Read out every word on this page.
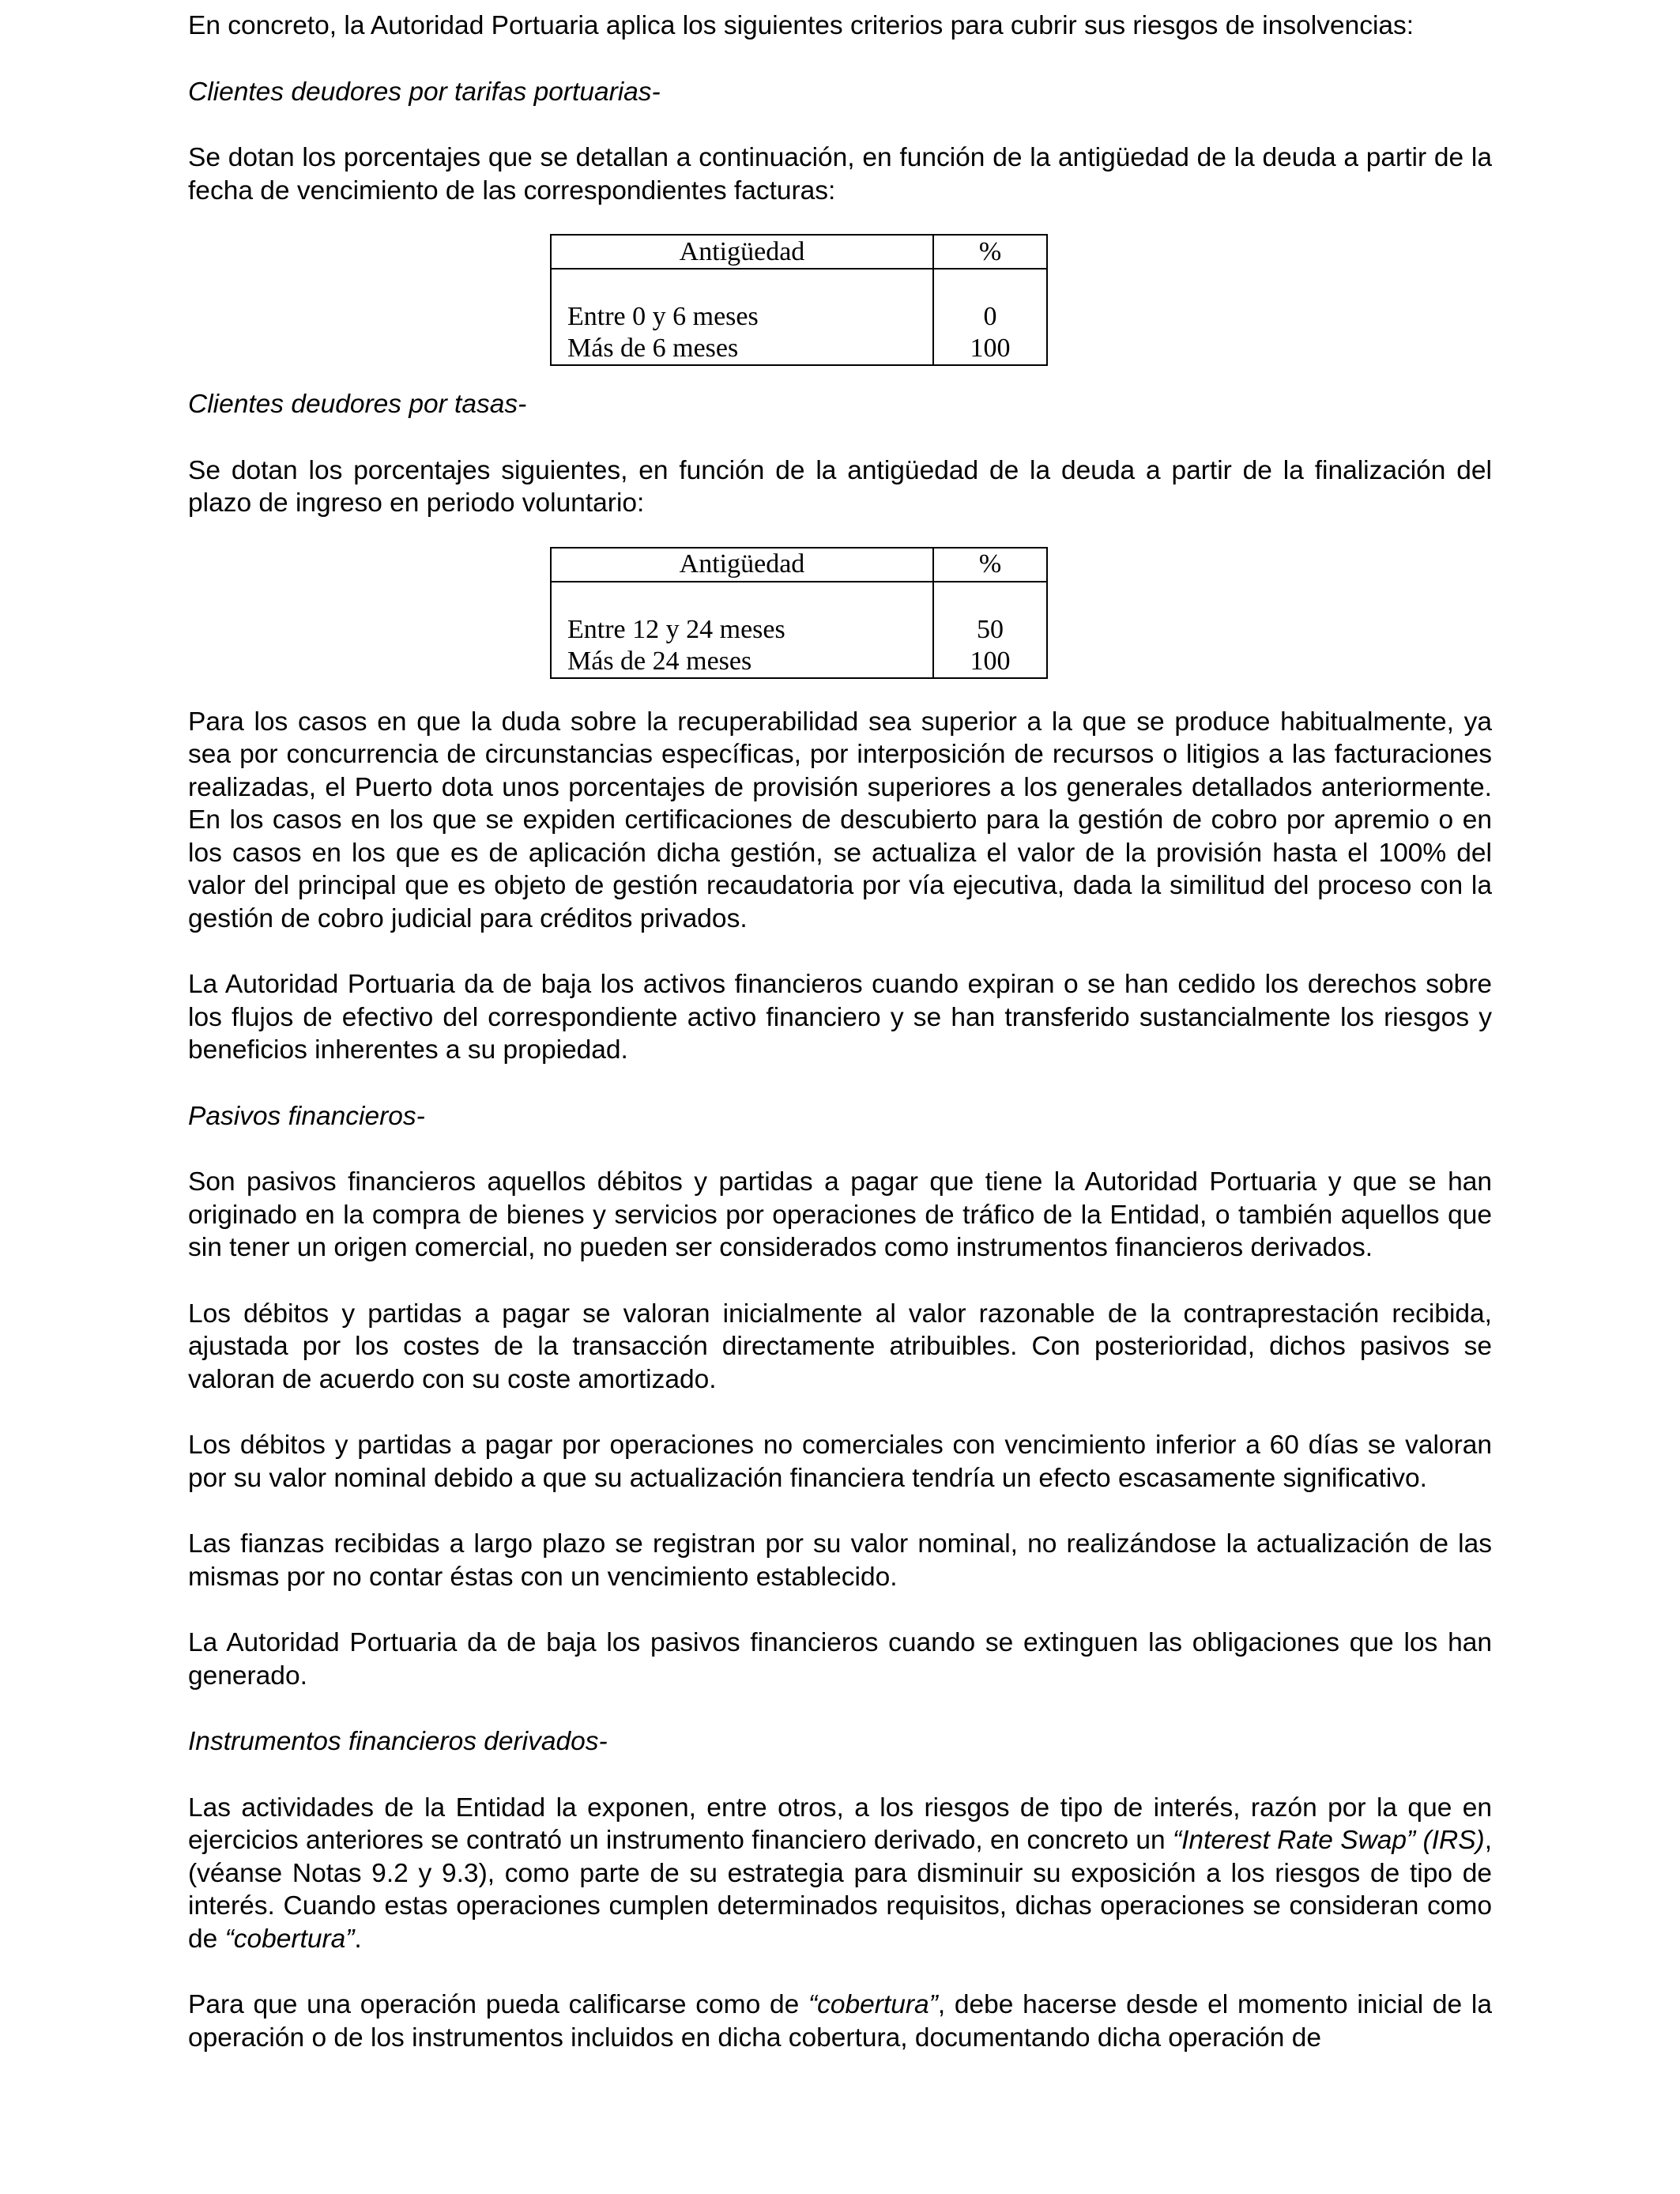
En concreto, la Autoridad Portuaria aplica los siguientes criterios para cubrir sus riesgos de insolvencias:

Clientes deudores por tarifas portuarias-

Se dotan los porcentajes que se detallan a continuación, en función de la antigüedad de la deuda a partir de la fecha de vencimiento de las correspondientes facturas:

Antigüedad	%

Entre 0 y 6 meses	0
Más de 6 meses	100
Clientes deudores por tasas-

Se dotan los porcentajes siguientes, en función de la antigüedad de la deuda a partir de la finalización del plazo de ingreso en periodo voluntario:

Antigüedad	%

Entre 12 y 24 meses	50
Más de 24 meses	100

Para los casos en que la duda sobre la recuperabilidad sea superior a la que se produce habitualmente, ya sea por concurrencia de circunstancias específicas, por interposición de recursos o litigios a las facturaciones realizadas, el Puerto dota unos porcentajes de provisión superiores a los generales detallados anteriormente. En los casos en los que se expiden certificaciones de descubierto para la gestión de cobro por apremio o en los casos en los que es de aplicación dicha gestión, se actualiza el valor de la provisión hasta el 100% del valor del principal que es objeto de gestión recaudatoria por vía ejecutiva, dada la similitud del proceso con la gestión de cobro judicial para créditos privados.

La Autoridad Portuaria da de baja los activos financieros cuando expiran o se han cedido los derechos sobre los flujos de efectivo del correspondiente activo financiero y se han transferido sustancialmente los riesgos y beneficios inherentes a su propiedad.

Pasivos financieros-

Son pasivos financieros aquellos débitos y partidas a pagar que tiene la Autoridad Portuaria y que se han originado en la compra de bienes y servicios por operaciones de tráfico de la Entidad, o también aquellos que sin tener un origen comercial, no pueden ser considerados como instrumentos financieros derivados.

Los débitos y partidas a pagar se valoran inicialmente al valor razonable de la contraprestación recibida, ajustada por los costes de la transacción directamente atribuibles. Con posterioridad, dichos pasivos se valoran de acuerdo con su coste amortizado.

Los débitos y partidas a pagar por operaciones no comerciales con vencimiento inferior a 60 días se valoran por su valor nominal debido a que su actualización financiera tendría un efecto escasamente significativo.

Las fianzas recibidas a largo plazo se registran por su valor nominal, no realizándose la actualización de las mismas por no contar éstas con un vencimiento establecido.

La Autoridad Portuaria da de baja los pasivos financieros cuando se extinguen las obligaciones que los han generado.

Instrumentos financieros derivados-

Las actividades de la Entidad la exponen, entre otros, a los riesgos de tipo de interés, razón por la que en ejercicios anteriores se contrató un instrumento financiero derivado, en concreto un “Interest Rate Swap” (IRS), (véanse Notas 9.2 y 9.3), como parte de su estrategia para disminuir su exposición a los riesgos de tipo de interés. Cuando estas operaciones cumplen determinados requisitos, dichas operaciones se consideran como de “cobertura”.

Para que una operación pueda calificarse como de “cobertura”, debe hacerse desde el momento inicial de la operación o de los instrumentos incluidos en dicha cobertura, documentando dicha operación de
